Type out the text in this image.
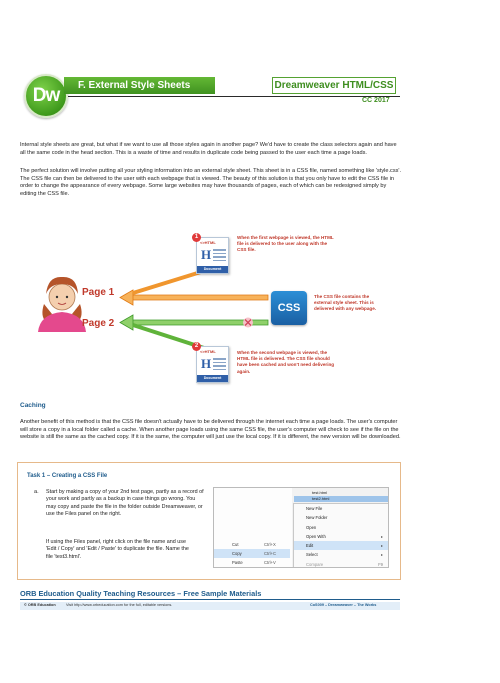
Dw	F. External Style Sheets	Dreamweaver HTML/CSS
CC 2017

Internal style sheets are great, but what if we want to use all those styles again in another page? We'd have to create the class selectors again and have all the same code in the head section. This is a waste of time and results in duplicate code being passed to the user each time a page loads.

The perfect solution will involve putting all your styling information into an external style sheet. This sheet is in a CSS file, named something like 'style.css'. The CSS file can then be delivered to the user with each webpage that is viewed. The beauty of this solution is that you only have to edit the CSS file in order to change the appearance of every webpage. Some large websites may have thousands of pages, each of which can be redesigned simply by editing the CSS file.

Page 1
Page 2
<>HTML
H
Document
1
<>HTML
H
Document
2
CSS
When the first webpage is viewed, the HTML file is delivered to the user along with the CSS file.
The CSS file contains the external style sheet. This is delivered with any webpage.
When the second webpage is viewed, the HTML file is delivered. The CSS file should have been cached and won't need delivering again.
Caching

Another benefit of this method is that the CSS file doesn't actually have to be delivered through the internet each time a page loads. The user's computer will store a copy in a local folder called a cache. When another page loads using the same CSS file, the user's computer will check to see if the file on the website is still the same as the cached copy. If it is the same, the computer will just use the local copy. If it is different, the new version will be downloaded.

Task 1 – Creating a CSS File
a. Start by making a copy of your 2nd test page, partly as a record of your work and partly as a backup in case things go wrong. You may copy and paste the file in the folder outside Dreamweaver, or use the Files panel on the right.
If using the Files panel, right click on the file name and use 'Edit / Copy' and 'Edit / Paste' to duplicate the file. Name the file 'test3.html'.
Cut	Ctrl+X
Copy	Ctrl+C
Paste	Ctrl+V
test.html
test2.html
New File
New Folder
Open
Open With	▸
Edit	▸
Select	▸
Compare	F9
ORB Education Quality Teaching Resources – Free Sample Materials
© ORB Education	Visit http://www.orbeducation.com for the full, editable versions.	CoS009 – Dreamweaver – The Works
